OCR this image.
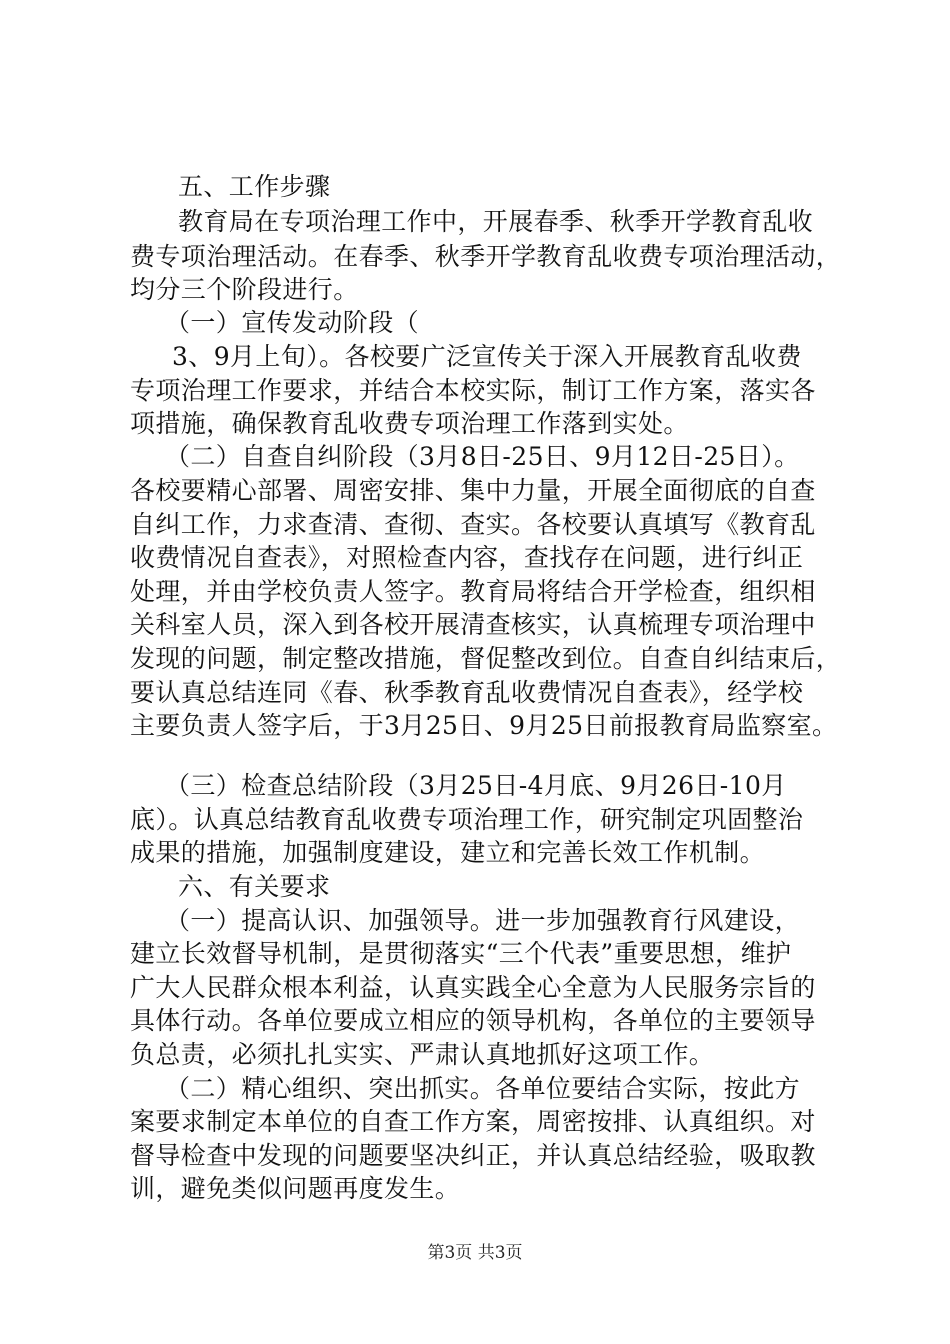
五、工作步骤
教育局在专项治理工作中，开展春季、秋季开学教育乱收
费专项治理活动。在春季、秋季开学教育乱收费专项治理活动，
均分三个阶段进行。
（一）宣传发动阶段（
3、9月上旬）。各校要广泛宣传关于深入开展教育乱收费
专项治理工作要求，并结合本校实际，制订工作方案，落实各
项措施，确保教育乱收费专项治理工作落到实处。
（二）自查自纠阶段（3月8日-25日、9月12日-25日）。
各校要精心部署、周密安排、集中力量，开展全面彻底的自查
自纠工作，力求查清、查彻、查实。各校要认真填写《教育乱
收费情况自查表》，对照检查内容，查找存在问题，进行纠正
处理，并由学校负责人签字。教育局将结合开学检查，组织相
关科室人员，深入到各校开展清查核实，认真梳理专项治理中
发现的问题，制定整改措施，督促整改到位。自查自纠结束后，
要认真总结连同《春、秋季教育乱收费情况自查表》，经学校
主要负责人签字后，于3月25日、9月25日前报教育局监察室。
（三）检查总结阶段（3月25日-4月底、9月26日-10月
底）。认真总结教育乱收费专项治理工作，研究制定巩固整治
成果的措施，加强制度建设，建立和完善长效工作机制。
六、有关要求
（一）提高认识、加强领导。进一步加强教育行风建设，
建立长效督导机制，是贯彻落实“三个代表”重要思想，维护
广大人民群众根本利益，认真实践全心全意为人民服务宗旨的
具体行动。各单位要成立相应的领导机构，各单位的主要领导
负总责，必须扎扎实实、严肃认真地抓好这项工作。
（二）精心组织、突出抓实。各单位要结合实际，按此方
案要求制定本单位的自查工作方案，周密按排、认真组织。对
督导检查中发现的问题要坚决纠正，并认真总结经验，吸取教
训，避免类似问题再度发生。
第3页 共3页
